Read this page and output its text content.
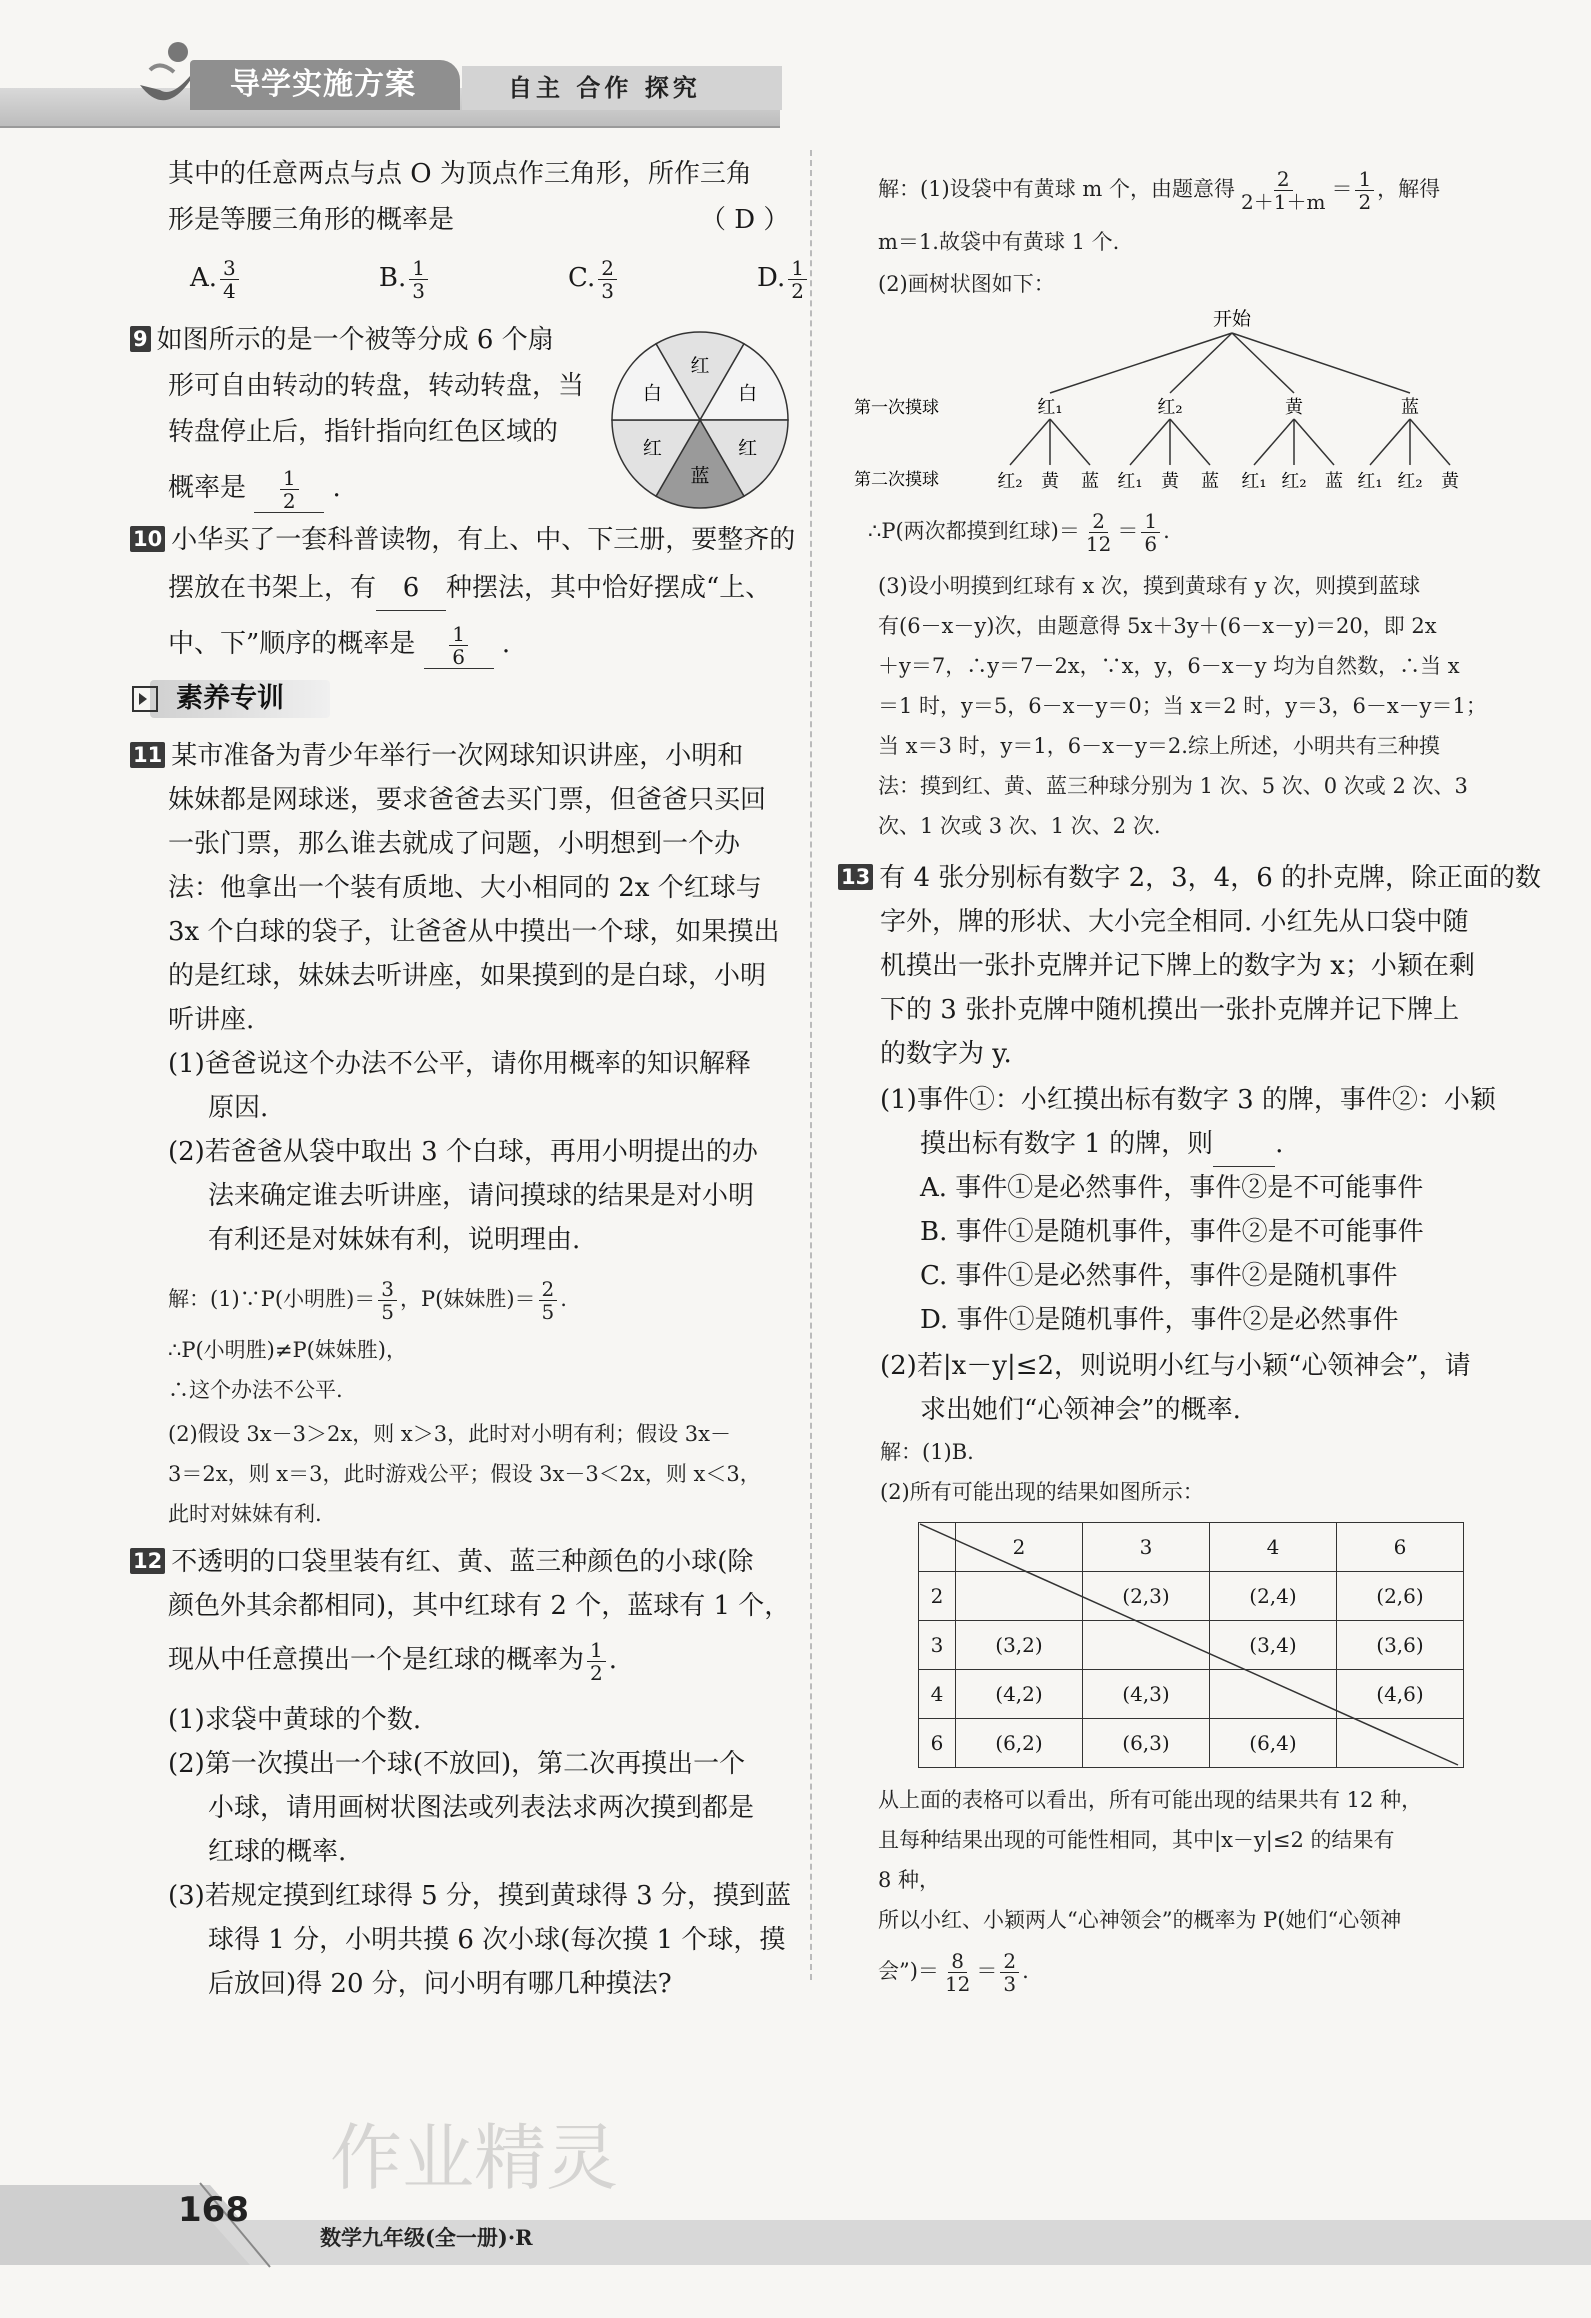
导学实施方案	自主 合作 探究
其中的任意两点与点 O 为顶点作三角形，所作三角
形是等腰三角形的概率是	（ D ）
A. $\frac{3}{4}$	B. $\frac{1}{3}$	C. $\frac{2}{3}$	D. $\frac{1}{2}$
9 如图所示的是一个被等分成 6 个扇
形可自由转动的转盘，转动转盘，当
转盘停止后，指针指向红色区域的
概率是 $\frac{1}{2}$ .
红
白
红
蓝
红
白
10 小华买了一套科普读物，有上、中、下三册，要整齐的
摆放在书架上，有 6 种摆法，其中恰好摆成“上、
中、下”顺序的概率是 $\frac{1}{6}$ .
素养专训
11 某市准备为青少年举行一次网球知识讲座，小明和
妹妹都是网球迷，要求爸爸去买门票，但爸爸只买回
一张门票，那么谁去就成了问题，小明想到一个办
法：他拿出一个装有质地、大小相同的 2x 个红球与
3x 个白球的袋子，让爸爸从中摸出一个球，如果摸出
的是红球，妹妹去听讲座，如果摸到的是白球，小明
听讲座.
(1)爸爸说这个办法不公平，请你用概率的知识解释
原因.
(2)若爸爸从袋中取出 3 个白球，再用小明提出的办
法来确定谁去听讲座，请问摸球的结果是对小明
有利还是对妹妹有利，说明理由.
解：(1)∵P(小明胜)＝ $\frac{3}{5}$ ，P(妹妹胜)＝ $\frac{2}{5}$ .
∴P(小明胜)≠P(妹妹胜)，
∴这个办法不公平.
(2)假设 3x－3＞2x，则 x＞3，此时对小明有利；假设 3x－
3＝2x，则 x＝3，此时游戏公平；假设 3x－3＜2x，则 x＜3，
此时对妹妹有利.
12 不透明的口袋里装有红、黄、蓝三种颜色的小球(除
颜色外其余都相同)，其中红球有 2 个，蓝球有 1 个，
现从中任意摸出一个是红球的概率为 $\frac{1}{2}$ .
(1)求袋中黄球的个数.
(2)第一次摸出一个球(不放回)，第二次再摸出一个
小球，请用画树状图法或列表法求两次摸到都是
红球的概率.
(3)若规定摸到红球得 5 分，摸到黄球得 3 分，摸到蓝
球得 1 分，小明共摸 6 次小球(每次摸 1 个球，摸
后放回)得 20 分，问小明有哪几种摸法?
解：(1)设袋中有黄球 m 个，由题意得 $\frac{2}{2+1+m} = \frac{1}{2}$ ，解得
m＝1.故袋中有黄球 1 个.
(2)画树状图如下：
开始
第一次摸球
第二次摸球
红₁
红₂ 黄 蓝
红₂
红₁ 黄 蓝
黄
红₁ 红₂ 蓝
蓝
红₁ 红₂ 黄
∴P(两次都摸到红球)＝ $\frac{2}{12} = \frac{1}{6}$ .
(3)设小明摸到红球有 x 次，摸到黄球有 y 次，则摸到蓝球
有(6－x－y)次，由题意得 5x＋3y＋(6－x－y)＝20，即 2x
＋y＝7，∴y＝7－2x，∵x，y，6－x－y 均为自然数，∴当 x
＝1 时，y＝5，6－x－y＝0；当 x＝2 时，y＝3，6－x－y＝1；
当 x＝3 时，y＝1，6－x－y＝2.综上所述，小明共有三种摸
法：摸到红、黄、蓝三种球分别为 1 次、5 次、0 次或 2 次、3
次、1 次或 3 次、1 次、2 次.
13 有 4 张分别标有数字 2，3，4，6 的扑克牌，除正面的数
字外，牌的形状、大小完全相同. 小红先从口袋中随
机摸出一张扑克牌并记下牌上的数字为 x；小颖在剩
下的 3 张扑克牌中随机摸出一张扑克牌并记下牌上
的数字为 y.
(1)事件①：小红摸出标有数字 3 的牌，事件②：小颖
摸出标有数字 1 的牌，则 .
A. 事件①是必然事件，事件②是不可能事件
B. 事件①是随机事件，事件②是不可能事件
C. 事件①是必然事件，事件②是随机事件
D. 事件①是随机事件，事件②是必然事件
(2)若|x－y|≤2，则说明小红与小颖“心领神会”，请
求出她们“心领神会”的概率.
解：(1)B.
(2)所有可能出现的结果如图所示：
	2	3	4	6
2		(2,3)	(2,4)	(2,6)
3	(3,2)		(3,4)	(3,6)
4	(4,2)	(4,3)		(4,6)
6	(6,2)	(6,3)	(6,4)	
从上面的表格可以看出，所有可能出现的结果共有 12 种，
且每种结果出现的可能性相同，其中|x－y|≤2 的结果有
8 种，
所以小红、小颖两人“心神领会”的概率为 P(她们“心领神
会”)＝ $\frac{8}{12} = \frac{2}{3}$ .
作业精灵
168
数学九年级(全一册)·R
